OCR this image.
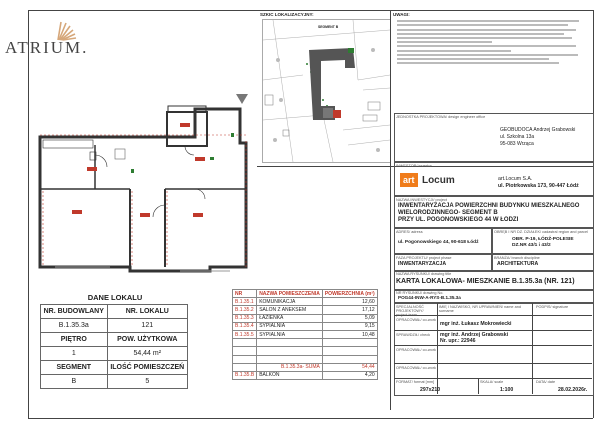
ATRIUM.
DANE LOKALU
NR. BUDOWLANY	NR. LOKALU
B.1.35.3a	121
PIĘTRO	POW. UŻYTKOWA
1	54,44 m²
SEGMENT	ILOŚĆ POMIESZCZEŃ
B	5
NR	NAZWA POMIESZCZENIA	POWIERZCHNIA (m²)
B.1.35.1	KOMUNIKACJA	12,60
B.1.35.2	SALON Z ANEKSEM	17,12
B.1.35.3	ŁAZIENKA	5,09
B.1.35.4	SYPIALNIA	9,15
B.1.35.5	SYPIALNIA	10,48

	B.1.35.3a- SUMA	54,44
B.1.35.B	BALKON	4,20
SZKIC LOKALIZACYJNY:
SEGMENT B
UWAGI:
JEDNOSTKA PROJEKTOWA/ design engineer office
GEOBUDOCA Andrzej Grabowski
ul. Szkolna 13a
95-083 Wrząca
INWESTOR/ investor
art Locum	art.Locum S.A.
ul. Piotrkowska 173, 90-447 Łódź
NAZWA INWESTYCJI/ project
INWENTARYZACJA POWIERZCHNI BUDYNKU MIESZKALNEGO
WIELORODZINNEGO- SEGMENT B
PRZY UL. POGONOWSKIEGO 44 W ŁODZI
ADRES/ adress
ul. Pogonowskiego 44, 90-618 Łódź
OBRĘB I NR DZ. DZIAŁEK/ cadastral region and parcel
OBR. P-19, ŁÓDŹ-POLESIE
DZ.NR 43/1 i 43/2
FAZA PROJEKTU/ project phase
INWENTARYZACJA
BRANŻA/ branch discipline
ARCHITEKTURA
NAZWA RYSUNKU/ drawing title
KARTA LOKALOWA- MIESZKANIE B.1.35.3a (NR. 121)
NR RYSUNKU/ drawing No.
POG44-INW-A-RYS-B.1.35.3a
SPECJALNOŚĆ PROJEKTOWY/ project team
IMIĘ I NAZWISKO, NR UPRAWNIEŃ/ name and surname
PODPIS/ signature
OPRACOWAŁ/ co-work
mgr inż. Łukasz Mokrowiecki
SPRAWDZIŁ/ check	mgr inż. Andrzej Grabowski
Nr. upr.: 22946
OPRACOWAŁ/ co-work
OPRACOWAŁ/ co-work
FORMAT/ format [mm]
297x210
SKALA/ scale
1:100
DATA/ date
28.02.2026r.
